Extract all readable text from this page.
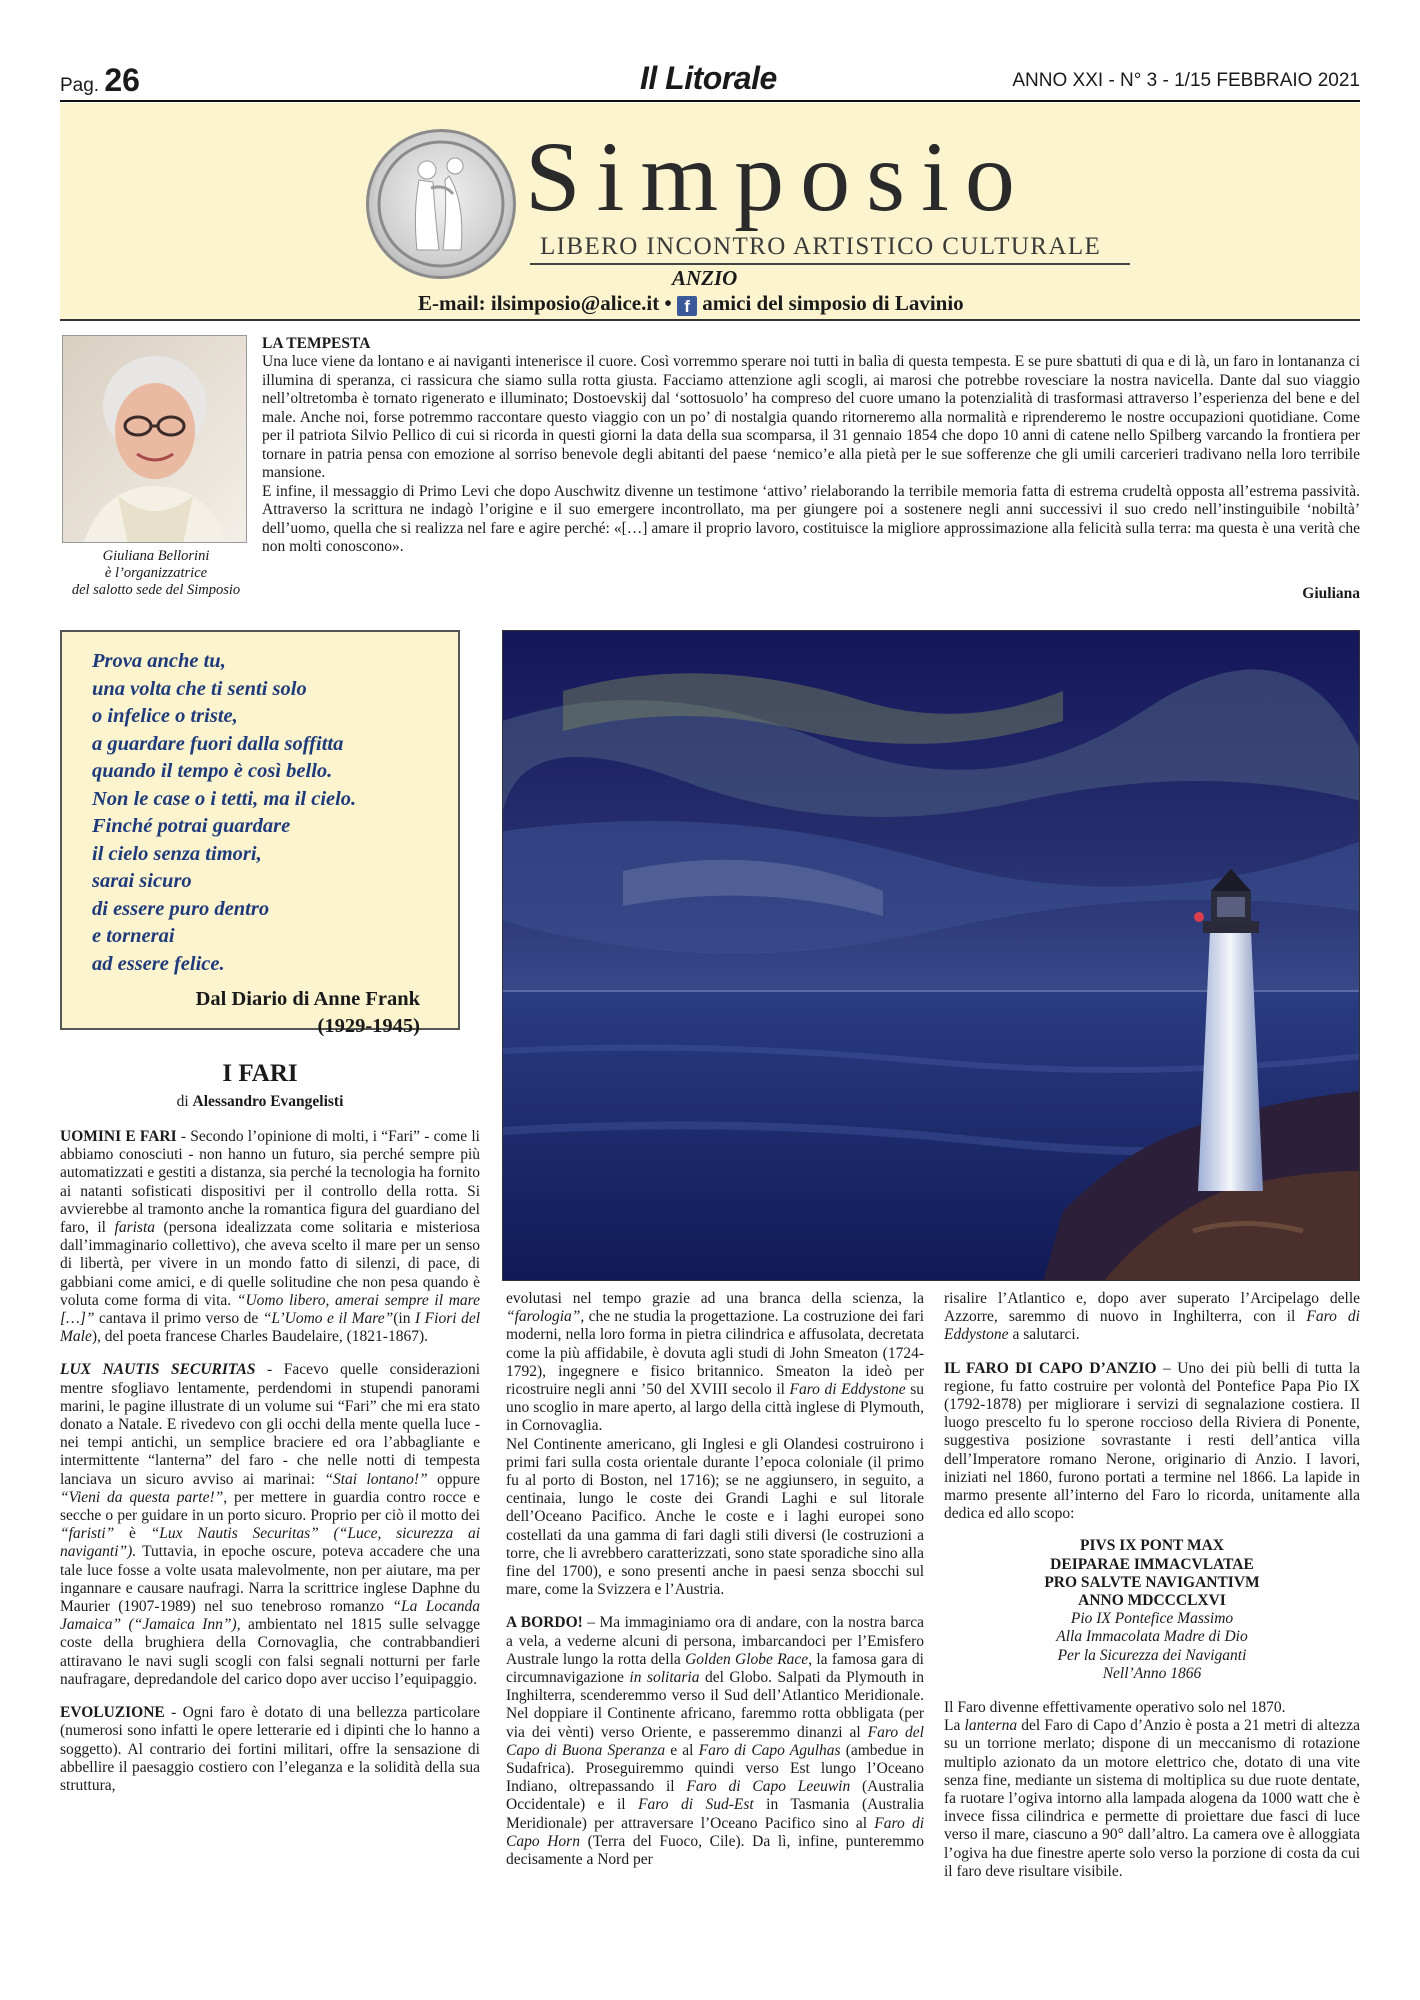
Pag. 26	Il Litorale	ANNO XXI - N° 3 - 1/15 FEBBRAIO 2021
Simposio
LIBERO INCONTRO ARTISTICO CULTURALE
ANZIO
E-mail: ilsimposio@alice.it • f amici del simposio di Lavinio
Giuliana Bellorini
è l’organizzatrice
del salotto sede del Simposio
LA TEMPESTA

Una luce viene da lontano e ai naviganti intenerisce il cuore. Così vorremmo sperare noi tutti in balìa di questa tempesta. E se pure sbattuti di qua e di là, un faro in lontananza ci illumina di speranza, ci rassicura che siamo sulla rotta giusta. Facciamo attenzione agli scogli, ai marosi che potrebbe rovesciare la nostra navicella. Dante dal suo viaggio nell’oltretomba è tornato rigenerato e illuminato; Dostoevskij dal ‘sottosuolo’ ha compreso del cuore umano la potenzialità di trasformasi attraverso l’esperienza del bene e del male. Anche noi, forse potremmo raccontare questo viaggio con un po’ di nostalgia quando ritorneremo alla normalità e riprenderemo le nostre occupazioni quotidiane. Come per il patriota Silvio Pellico di cui si ricorda in questi giorni la data della sua scomparsa, il 31 gennaio 1854 che dopo 10 anni di catene nello Spilberg varcando la frontiera per tornare in patria pensa con emozione al sorriso benevole degli abitanti del paese ‘nemico’e alla pietà per le sue sofferenze che gli umili carcerieri tradivano nella loro terribile mansione.

E infine, il messaggio di Primo Levi che dopo Auschwitz divenne un testimone ‘attivo’ rielaborando la terribile memoria fatta di estrema crudeltà opposta all’estrema passività. Attraverso la scrittura ne indagò l’origine e il suo emergere incontrollato, ma per giungere poi a sostenere negli anni successivi il suo credo nell’instinguibile ‘nobiltà’ dell’uomo, quella che si realizza nel fare e agire perché: «[…] amare il proprio lavoro, costituisce la migliore approssimazione alla felicità sulla terra: ma questa è una verità che non molti conoscono».

Giuliana
Prova anche tu,
una volta che ti senti solo
o infelice o triste,
a guardare fuori dalla soffitta
quando il tempo è così bello.
Non le case o i tetti, ma il cielo.
Finché potrai guardare
il cielo senza timori,
sarai sicuro
di essere puro dentro
e tornerai
ad essere felice.
Dal Diario di Anne Frank
(1929-1945)
I FARI
di Alessandro Evangelisti

UOMINI E FARI - Secondo l’opinione di molti, i “Fari” - come li abbiamo conosciuti - non hanno un futuro, sia perché sempre più automatizzati e gestiti a distanza, sia perché la tecnologia ha fornito ai natanti sofisticati dispositivi per il controllo della rotta. Si avvierebbe al tramonto anche la romantica figura del guardiano del faro, il farista (persona idealizzata come solitaria e misteriosa dall’immaginario collettivo), che aveva scelto il mare per un senso di libertà, per vivere in un mondo fatto di silenzi, di pace, di gabbiani come amici, e di quelle solitudine che non pesa quando è voluta come forma di vita. “Uomo libero, amerai sempre il mare […]” cantava il primo verso de “L’Uomo e il Mare”(in I Fiori del Male), del poeta francese Charles Baudelaire, (1821-1867).

LUX NAUTIS SECURITAS - Facevo quelle considerazioni mentre sfogliavo lentamente, perdendomi in stupendi panorami marini, le pagine illustrate di un volume sui “Fari” che mi era stato donato a Natale. E rivedevo con gli occhi della mente quella luce - nei tempi antichi, un semplice braciere ed ora l’abbagliante e intermittente “lanterna” del faro - che nelle notti di tempesta lanciava un sicuro avviso ai marinai: “Stai lontano!” oppure “Vieni da questa parte!”, per mettere in guardia contro rocce e secche o per guidare in un porto sicuro. Proprio per ciò il motto dei “faristi” è “Lux Nautis Securitas” (“Luce, sicurezza ai naviganti”). Tuttavia, in epoche oscure, poteva accadere che una tale luce fosse a volte usata malevolmente, non per aiutare, ma per ingannare e causare naufragi. Narra la scrittrice inglese Daphne du Maurier (1907-1989) nel suo tenebroso romanzo “La Locanda Jamaica” (“Jamaica Inn”), ambientato nel 1815 sulle selvagge coste della brughiera della Cornovaglia, che contrabbandieri attiravano le navi sugli scogli con falsi segnali notturni per farle naufragare, depredandole del carico dopo aver ucciso l’equipaggio.

EVOLUZIONE - Ogni faro è dotato di una bellezza particolare (numerosi sono infatti le opere letterarie ed i dipinti che lo hanno a soggetto). Al contrario dei fortini militari, offre la sensazione di abbellire il paesaggio costiero con l’eleganza e la solidità della sua struttura,

evolutasi nel tempo grazie ad una branca della scienza, la “farologia”, che ne studia la progettazione. La costruzione dei fari moderni, nella loro forma in pietra cilindrica e affusolata, decretata come la più affidabile, è dovuta agli studi di John Smeaton (1724-1792), ingegnere e fisico britannico. Smeaton la ideò per ricostruire negli anni ’50 del XVIII secolo il Faro di Eddystone su uno scoglio in mare aperto, al largo della città inglese di Plymouth, in Cornovaglia.

Nel Continente americano, gli Inglesi e gli Olandesi costruirono i primi fari sulla costa orientale durante l’epoca coloniale (il primo fu al porto di Boston, nel 1716); se ne aggiunsero, in seguito, a centinaia, lungo le coste dei Grandi Laghi e sul litorale dell’Oceano Pacifico. Anche le coste e i laghi europei sono costellati da una gamma di fari dagli stili diversi (le costruzioni a torre, che li avrebbero caratterizzati, sono state sporadiche sino alla fine del 1700), e sono presenti anche in paesi senza sbocchi sul mare, come la Svizzera e l’Austria.

A BORDO! – Ma immaginiamo ora di andare, con la nostra barca a vela, a vederne alcuni di persona, imbarcandoci per l’Emisfero Australe lungo la rotta della Golden Globe Race, la famosa gara di circumnavigazione in solitaria del Globo. Salpati da Plymouth in Inghilterra, scenderemmo verso il Sud dell’Atlantico Meridionale. Nel doppiare il Continente africano, faremmo rotta obbligata (per via dei vènti) verso Oriente, e passeremmo dinanzi al Faro del Capo di Buona Speranza e al Faro di Capo Agulhas (ambedue in Sudafrica). Proseguiremmo quindi verso Est lungo l’Oceano Indiano, oltrepassando il Faro di Capo Leeuwin (Australia Occidentale) e il Faro di Sud-Est in Tasmania (Australia Meridionale) per attraversare l’Oceano Pacifico sino al Faro di Capo Horn (Terra del Fuoco, Cile). Da lì, infine, punteremmo decisamente a Nord per

risalire l’Atlantico e, dopo aver superato l’Arcipelago delle Azzorre, saremmo di nuovo in Inghilterra, con il Faro di Eddystone a salutarci.

IL FARO DI CAPO D’ANZIO – Uno dei più belli di tutta la regione, fu fatto costruire per volontà del Pontefice Papa Pio IX (1792-1878) per migliorare i servizi di segnalazione costiera. Il luogo prescelto fu lo sperone roccioso della Riviera di Ponente, suggestiva posizione sovrastante i resti dell’antica villa dell’Imperatore romano Nerone, originario di Anzio. I lavori, iniziati nel 1860, furono portati a termine nel 1866. La lapide in marmo presente all’interno del Faro lo ricorda, unitamente alla dedica ed allo scopo:

PIVS IX PONT MAX
DEIPARAE IMMACVLATAE
PRO SALVTE NAVIGANTIVM
ANNO MDCCCLXVI
Pio IX Pontefice Massimo
Alla Immacolata Madre di Dio
Per la Sicurezza dei Naviganti
Nell’Anno 1866

Il Faro divenne effettivamente operativo solo nel 1870.

La lanterna del Faro di Capo d’Anzio è posta a 21 metri di altezza su un torrione merlato; dispone di un meccanismo di rotazione multiplo azionato da un motore elettrico che, dotato di una vite senza fine, mediante un sistema di moltiplica su due ruote dentate, fa ruotare l’ogiva intorno alla lampada alogena da 1000 watt che è invece fissa cilindrica e permette di proiettare due fasci di luce verso il mare, ciascuno a 90° dall’altro. La camera ove è alloggiata l’ogiva ha due finestre aperte solo verso la porzione di costa da cui il faro deve risultare visibile.
